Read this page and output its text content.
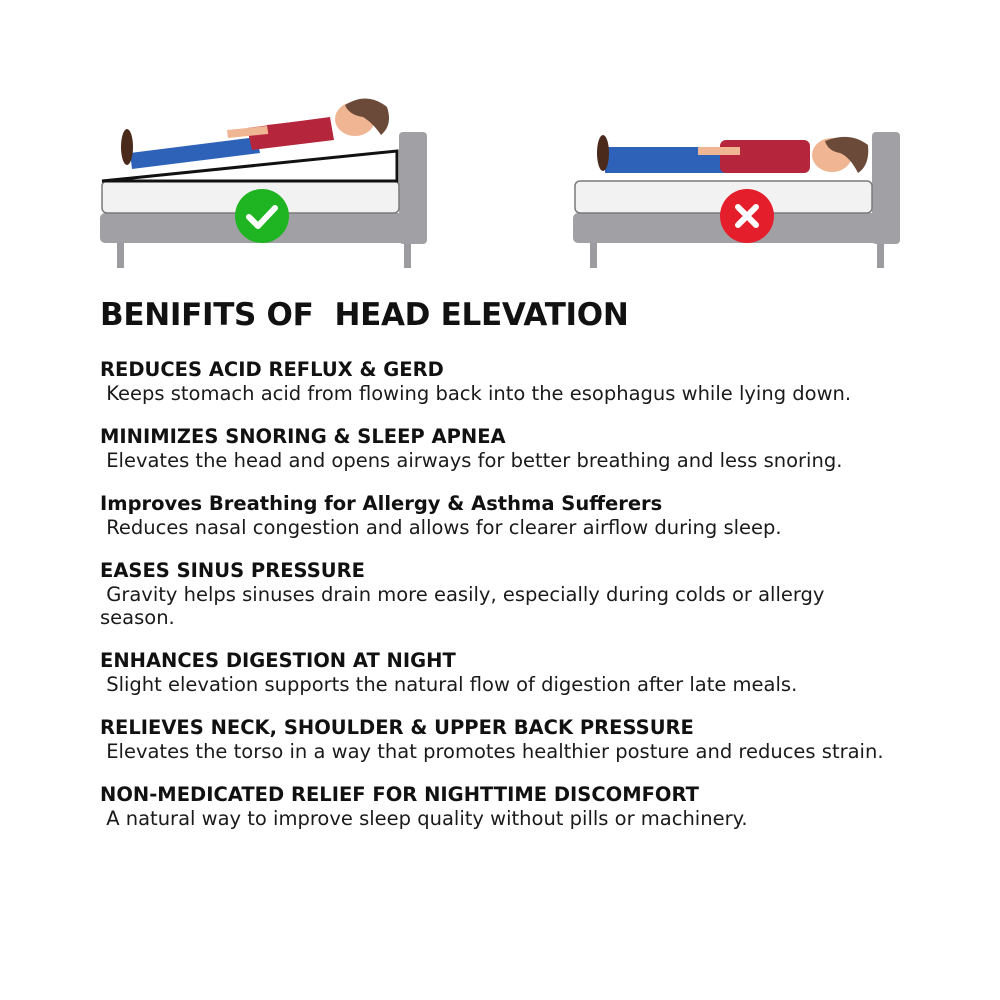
BENIFITS OF  HEAD ELEVATION
REDUCES ACID REFLUX & GERD
Keeps stomach acid from flowing back into the esophagus while lying down.
MINIMIZES SNORING & SLEEP APNEA
Elevates the head and opens airways for better breathing and less snoring.
Improves Breathing for Allergy & Asthma Sufferers
Reduces nasal congestion and allows for clearer airflow during sleep.
EASES SINUS PRESSURE
Gravity helps sinuses drain more easily, especially during colds or allergy season.
ENHANCES DIGESTION AT NIGHT
Slight elevation supports the natural flow of digestion after late meals.
RELIEVES NECK, SHOULDER & UPPER BACK PRESSURE
Elevates the torso in a way that promotes healthier posture and reduces strain.
NON-MEDICATED RELIEF FOR NIGHTTIME DISCOMFORT
A natural way to improve sleep quality without pills or machinery.
